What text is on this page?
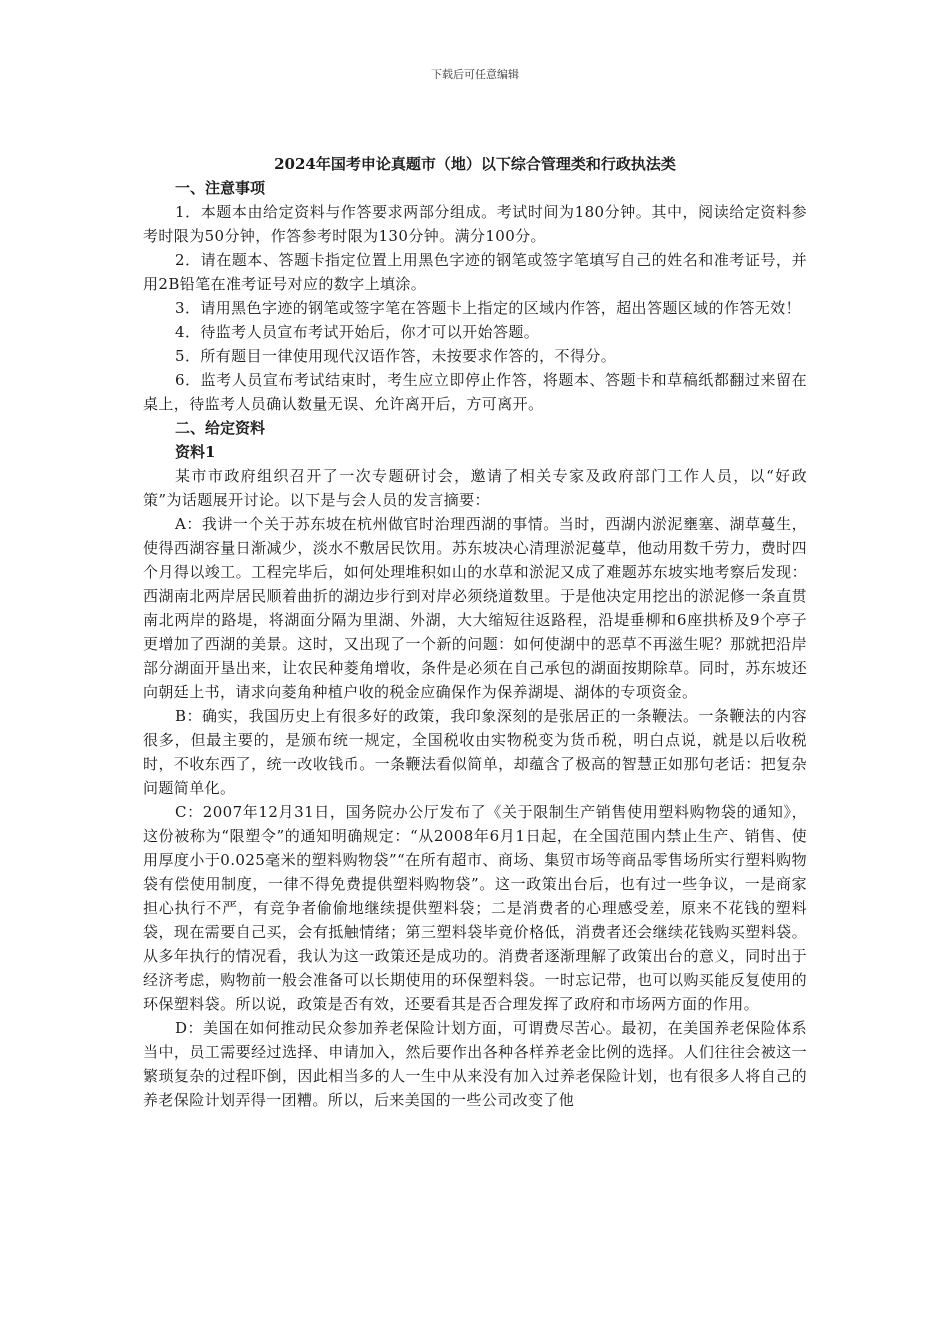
下载后可任意编辑

2024年国考申论真题市（地）以下综合管理类和行政执法类

一、注意事项

1．本题本由给定资料与作答要求两部分组成。考试时间为180分钟。其中，阅读给定资料参考时限为50分钟，作答参考时限为130分钟。满分100分。

2．请在题本、答题卡指定位置上用黑色字迹的钢笔或签字笔填写自己的姓名和准考证号，并用2B铅笔在准考证号对应的数字上填涂。

3．请用黑色字迹的钢笔或签字笔在答题卡上指定的区域内作答，超出答题区域的作答无效！

4．待监考人员宣布考试开始后，你才可以开始答题。

5．所有题目一律使用现代汉语作答，未按要求作答的，不得分。

6．监考人员宣布考试结束时，考生应立即停止作答，将题本、答题卡和草稿纸都翻过来留在桌上，待监考人员确认数量无误、允许离开后，方可离开。

二、给定资料

资料1

某市市政府组织召开了一次专题研讨会，邀请了相关专家及政府部门工作人员，以“好政策”为话题展开讨论。以下是与会人员的发言摘要：

A：我讲一个关于苏东坡在杭州做官时治理西湖的事情。当时，西湖内淤泥壅塞、湖草蔓生，使得西湖容量日渐减少，淡水不敷居民饮用。苏东坡决心清理淤泥蔓草，他动用数千劳力，费时四个月得以竣工。工程完毕后，如何处理堆积如山的水草和淤泥又成了难题苏东坡实地考察后发现：西湖南北两岸居民顺着曲折的湖边步行到对岸必须绕道数里。于是他决定用挖出的淤泥修一条直贯南北两岸的路堤，将湖面分隔为里湖、外湖，大大缩短往返路程，沿堤垂柳和6座拱桥及9个亭子更增加了西湖的美景。这时，又出现了一个新的问题：如何使湖中的恶草不再滋生呢？那就把沿岸部分湖面开垦出来，让农民种菱角增收，条件是必须在自己承包的湖面按期除草。同时，苏东坡还向朝廷上书，请求向菱角种植户收的税金应确保作为保养湖堤、湖体的专项资金。

B：确实，我国历史上有很多好的政策，我印象深刻的是张居正的一条鞭法。一条鞭法的内容很多，但最主要的，是颁布统一规定，全国税收由实物税变为货币税，明白点说，就是以后收税时，不收东西了，统一改收钱币。一条鞭法看似简单，却蕴含了极高的智慧正如那句老话：把复杂问题简单化。

C：2007年12月31日，国务院办公厅发布了《关于限制生产销售使用塑料购物袋的通知》，这份被称为“限塑令”的通知明确规定：“从2008年6月1日起，在全国范围内禁止生产、销售、使用厚度小于0.025毫米的塑料购物袋”“在所有超市、商场、集贸市场等商品零售场所实行塑料购物袋有偿使用制度，一律不得免费提供塑料购物袋”。这一政策出台后，也有过一些争议，一是商家担心执行不严，有竞争者偷偷地继续提供塑料袋；二是消费者的心理感受差，原来不花钱的塑料袋，现在需要自己买，会有抵触情绪；第三塑料袋毕竟价格低，消费者还会继续花钱购买塑料袋。从多年执行的情况看，我认为这一政策还是成功的。消费者逐渐理解了政策出台的意义，同时出于经济考虑，购物前一般会准备可以长期使用的环保塑料袋。一时忘记带，也可以购买能反复使用的环保塑料袋。所以说，政策是否有效，还要看其是否合理发挥了政府和市场两方面的作用。

D：美国在如何推动民众参加养老保险计划方面，可谓费尽苦心。最初，在美国养老保险体系当中，员工需要经过选择、申请加入，然后要作出各种各样养老金比例的选择。人们往往会被这一繁琐复杂的过程吓倒，因此相当多的人一生中从来没有加入过养老保险计划，也有很多人将自己的养老保险计划弄得一团糟。所以，后来美国的一些公司改变了他
